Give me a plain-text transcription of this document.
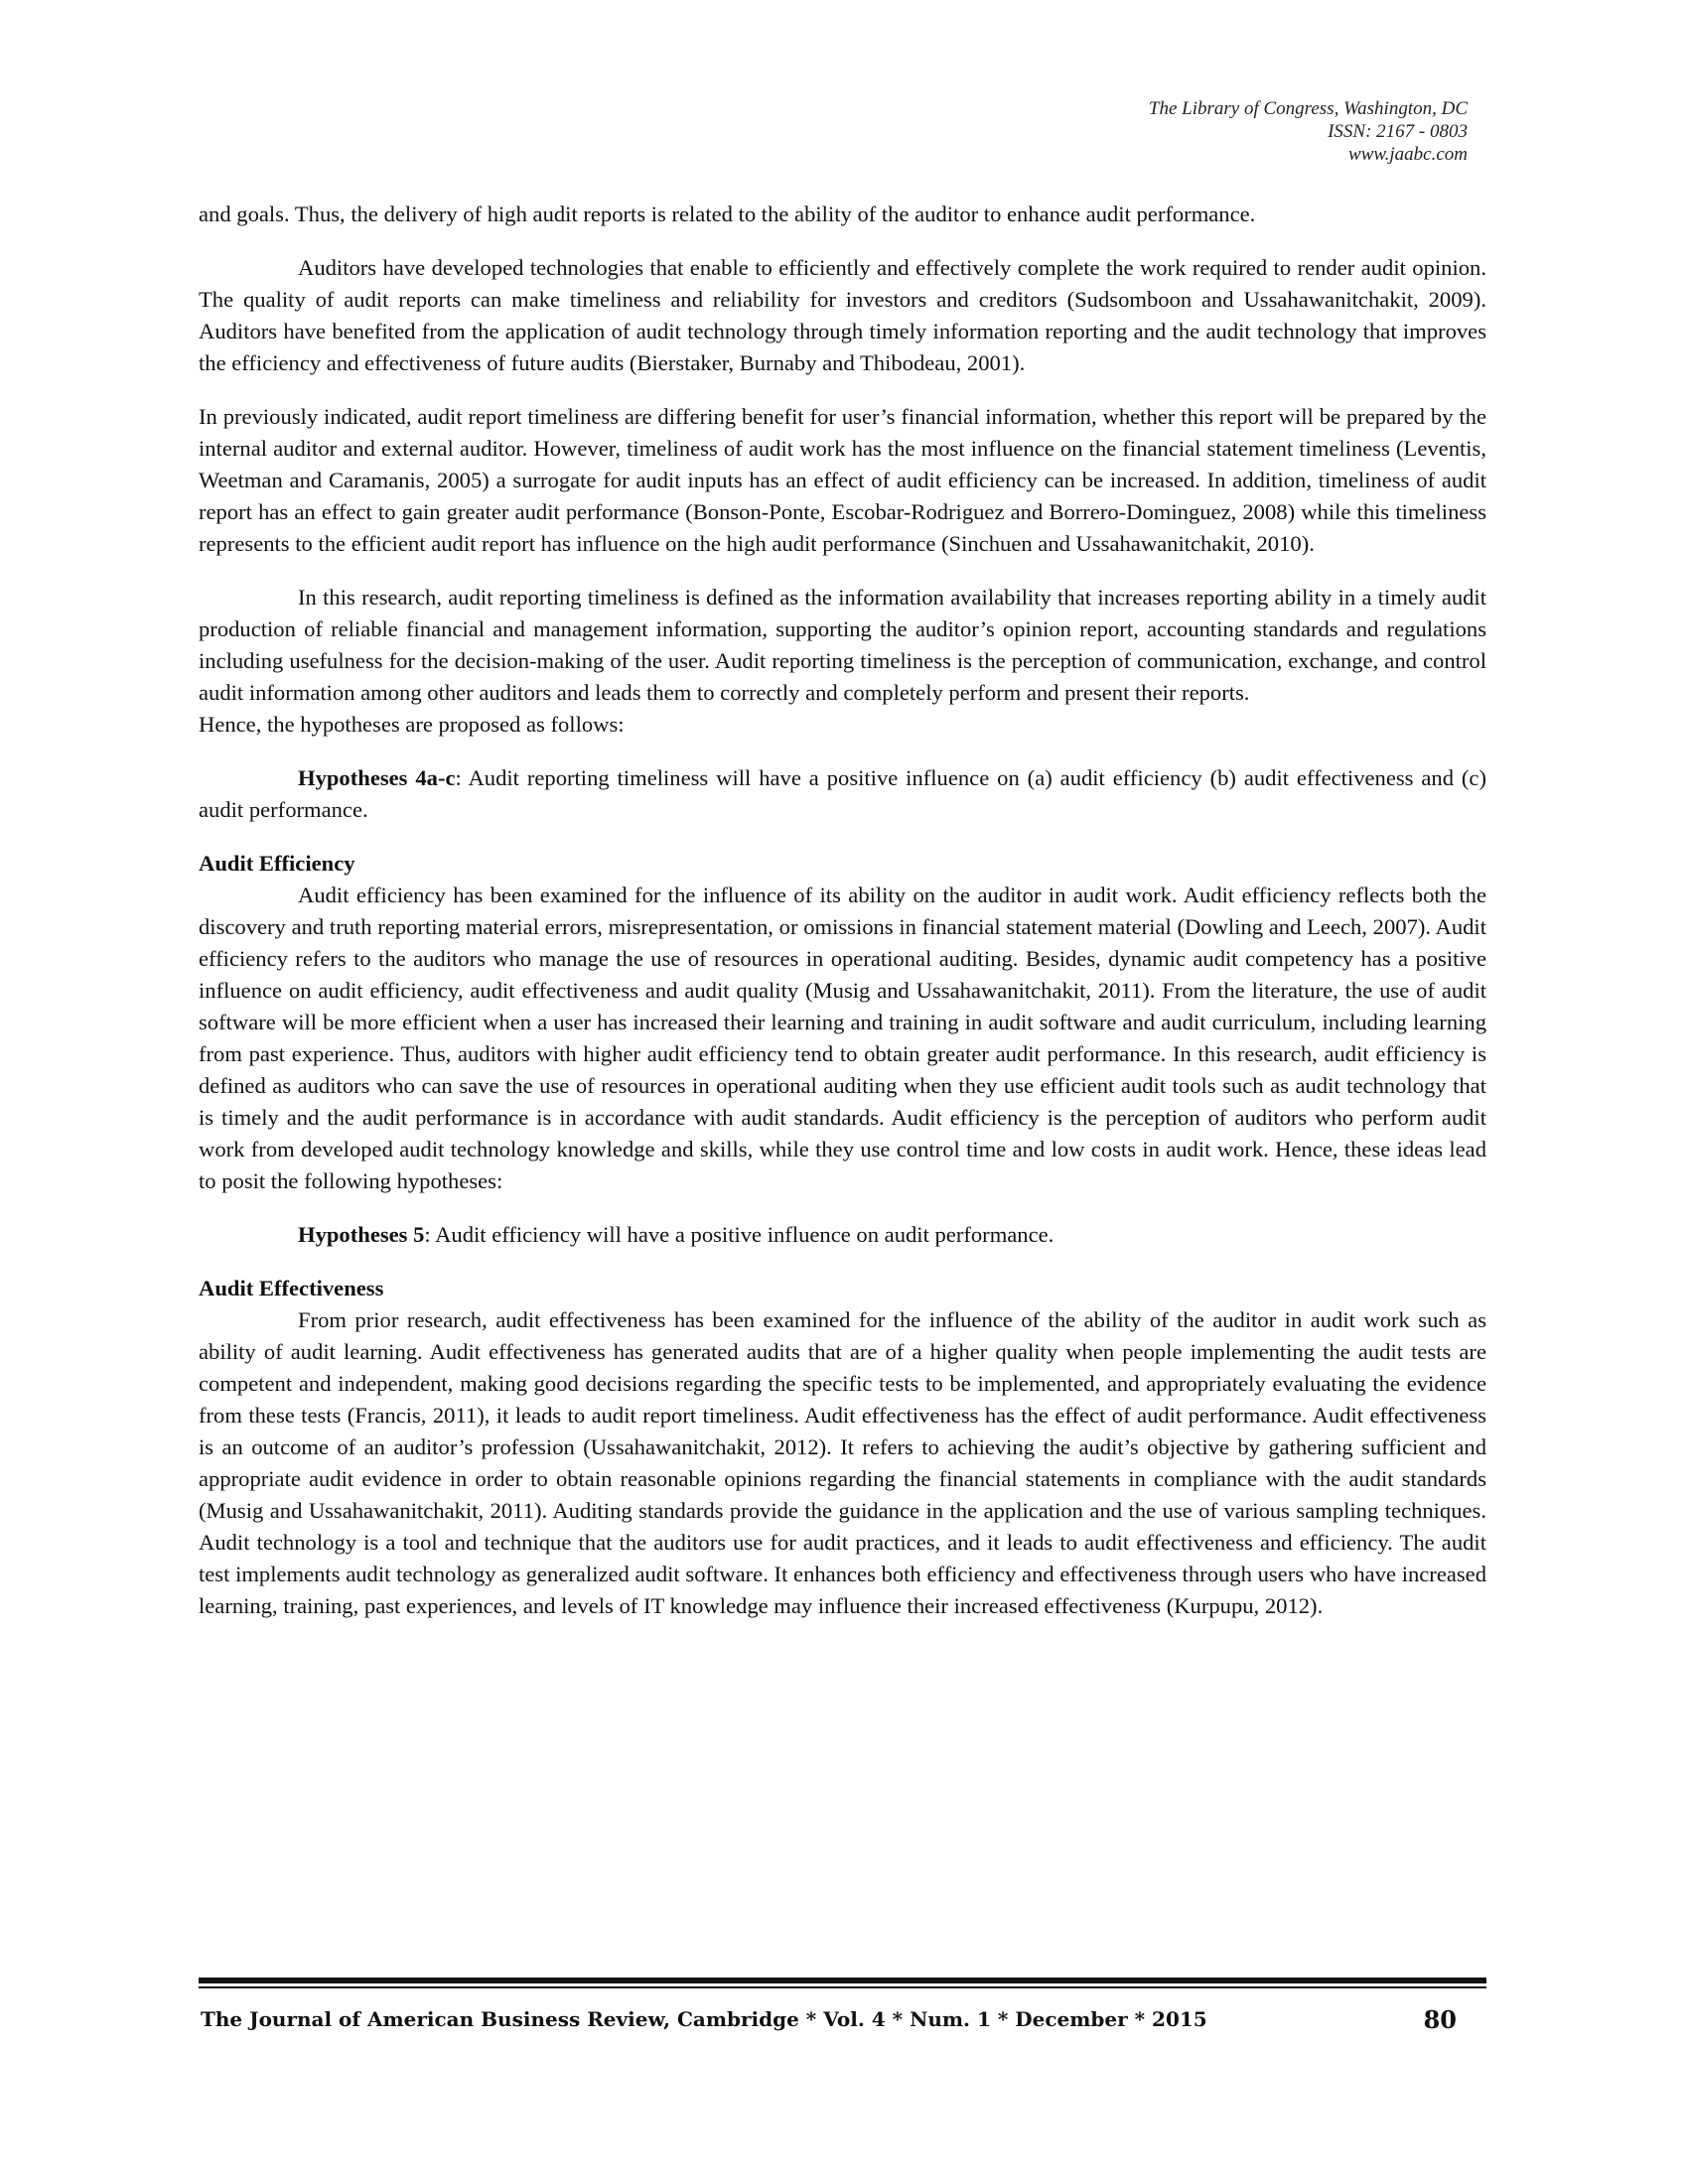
The Library of Congress, Washington, DC
ISSN: 2167 - 0803
www.jaabc.com

and goals. Thus, the delivery of high audit reports is related to the ability of the auditor to enhance audit performance.

Auditors have developed technologies that enable to efficiently and effectively complete the work required to render audit opinion. The quality of audit reports can make timeliness and reliability for investors and creditors (Sudsomboon and Ussahawanitchakit, 2009). Auditors have benefited from the application of audit technology through timely information reporting and the audit technology that improves the efficiency and effectiveness of future audits (Bierstaker, Burnaby and Thibodeau, 2001).

In previously indicated, audit report timeliness are differing benefit for user’s financial information, whether this report will be prepared by the internal auditor and external auditor. However, timeliness of audit work has the most influence on the financial statement timeliness (Leventis, Weetman and Caramanis, 2005) a surrogate for audit inputs has an effect of audit efficiency can be increased. In addition, timeliness of audit report has an effect to gain greater audit performance (Bonson-Ponte, Escobar-Rodriguez and Borrero-Dominguez, 2008) while this timeliness represents to the efficient audit report has influence on the high audit performance (Sinchuen and Ussahawanitchakit, 2010).

In this research, audit reporting timeliness is defined as the information availability that increases reporting ability in a timely audit production of reliable financial and management information, supporting the auditor’s opinion report, accounting standards and regulations including usefulness for the decision-making of the user. Audit reporting timeliness is the perception of communication, exchange, and control audit information among other auditors and leads them to correctly and completely perform and present their reports.

Hence, the hypotheses are proposed as follows:

Hypotheses 4a-c: Audit reporting timeliness will have a positive influence on (a) audit efficiency (b) audit effectiveness and (c) audit performance.

Audit Efficiency

Audit efficiency has been examined for the influence of its ability on the auditor in audit work. Audit efficiency reflects both the discovery and truth reporting material errors, misrepresentation, or omissions in financial statement material (Dowling and Leech, 2007). Audit efficiency refers to the auditors who manage the use of resources in operational auditing. Besides, dynamic audit competency has a positive influence on audit efficiency, audit effectiveness and audit quality (Musig and Ussahawanitchakit, 2011). From the literature, the use of audit software will be more efficient when a user has increased their learning and training in audit software and audit curriculum, including learning from past experience. Thus, auditors with higher audit efficiency tend to obtain greater audit performance. In this research, audit efficiency is defined as auditors who can save the use of resources in operational auditing when they use efficient audit tools such as audit technology that is timely and the audit performance is in accordance with audit standards. Audit efficiency is the perception of auditors who perform audit work from developed audit technology knowledge and skills, while they use control time and low costs in audit work. Hence, these ideas lead to posit the following hypotheses:

Hypotheses 5: Audit efficiency will have a positive influence on audit performance.

Audit Effectiveness

From prior research, audit effectiveness has been examined for the influence of the ability of the auditor in audit work such as ability of audit learning. Audit effectiveness has generated audits that are of a higher quality when people implementing the audit tests are competent and independent, making good decisions regarding the specific tests to be implemented, and appropriately evaluating the evidence from these tests (Francis, 2011), it leads to audit report timeliness. Audit effectiveness has the effect of audit performance. Audit effectiveness is an outcome of an auditor’s profession (Ussahawanitchakit, 2012). It refers to achieving the audit’s objective by gathering sufficient and appropriate audit evidence in order to obtain reasonable opinions regarding the financial statements in compliance with the audit standards (Musig and Ussahawanitchakit, 2011). Auditing standards provide the guidance in the application and the use of various sampling techniques. Audit technology is a tool and technique that the auditors use for audit practices, and it leads to audit effectiveness and efficiency. The audit test implements audit technology as generalized audit software. It enhances both efficiency and effectiveness through users who have increased learning, training, past experiences, and levels of IT knowledge may influence their increased effectiveness (Kurpupu, 2012).

The Journal of American Business Review, Cambridge * Vol. 4 * Num. 1 * December * 2015	80
